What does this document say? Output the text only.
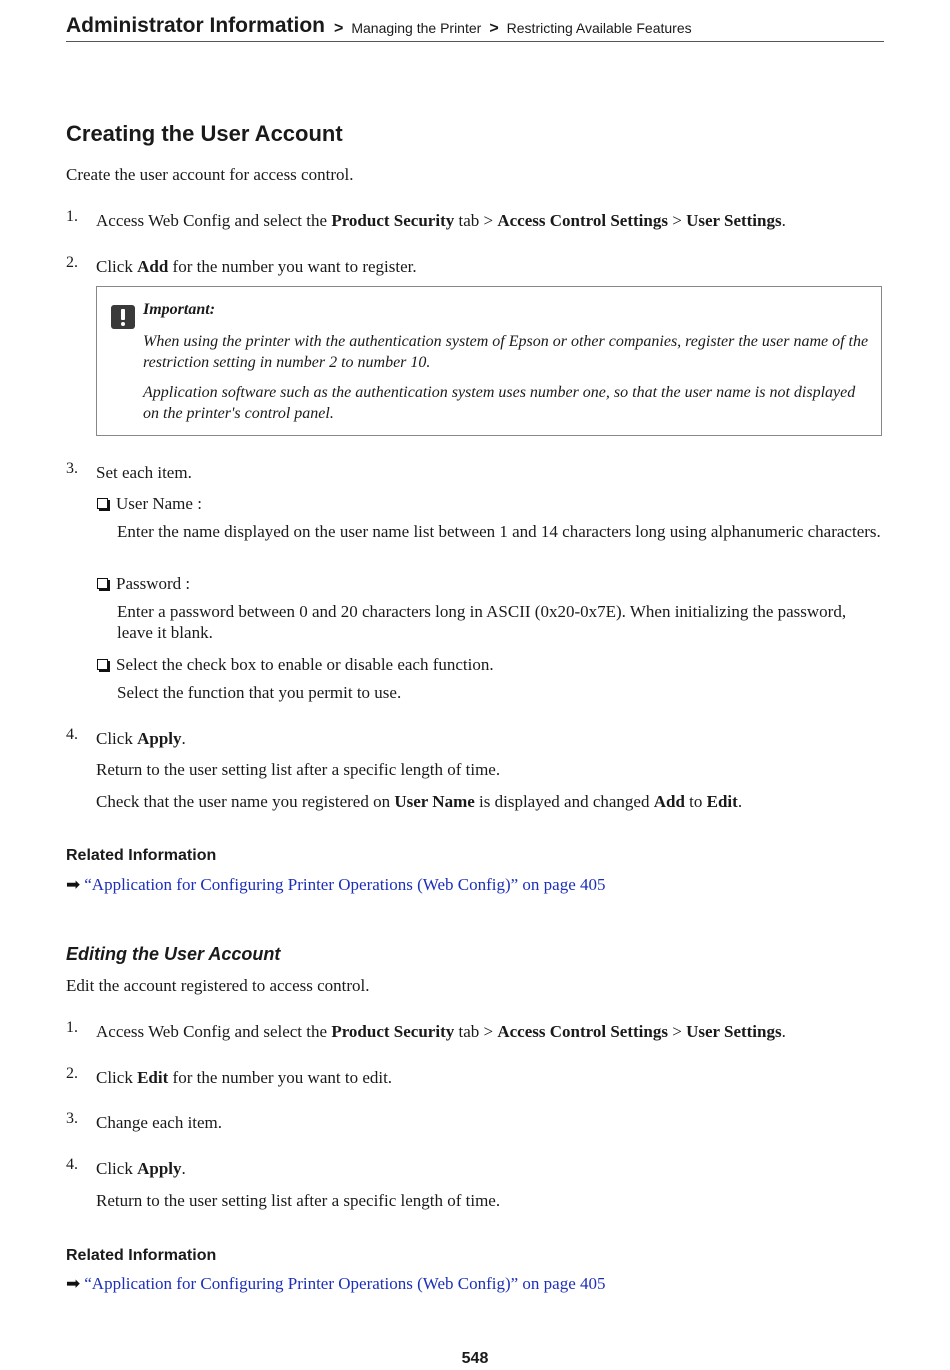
Administrator Information > Managing the Printer > Restricting Available Features
Creating the User Account
Create the user account for access control.
1. Access Web Config and select the Product Security tab > Access Control Settings > User Settings.
2. Click Add for the number you want to register.
Important:
When using the printer with the authentication system of Epson or other companies, register the user name of the restriction setting in number 2 to number 10.
Application software such as the authentication system uses number one, so that the user name is not displayed on the printer's control panel.
3. Set each item.
User Name :
Enter the name displayed on the user name list between 1 and 14 characters long using alphanumeric characters.
Password :
Enter a password between 0 and 20 characters long in ASCII (0x20-0x7E). When initializing the password, leave it blank.
Select the check box to enable or disable each function.
Select the function that you permit to use.
4. Click Apply.
Return to the user setting list after a specific length of time.
Check that the user name you registered on User Name is displayed and changed Add to Edit.
Related Information
➡ “Application for Configuring Printer Operations (Web Config)” on page 405
Editing the User Account
Edit the account registered to access control.
1. Access Web Config and select the Product Security tab > Access Control Settings > User Settings.
2. Click Edit for the number you want to edit.
3. Change each item.
4. Click Apply.
Return to the user setting list after a specific length of time.
Related Information
➡ “Application for Configuring Printer Operations (Web Config)” on page 405
548
